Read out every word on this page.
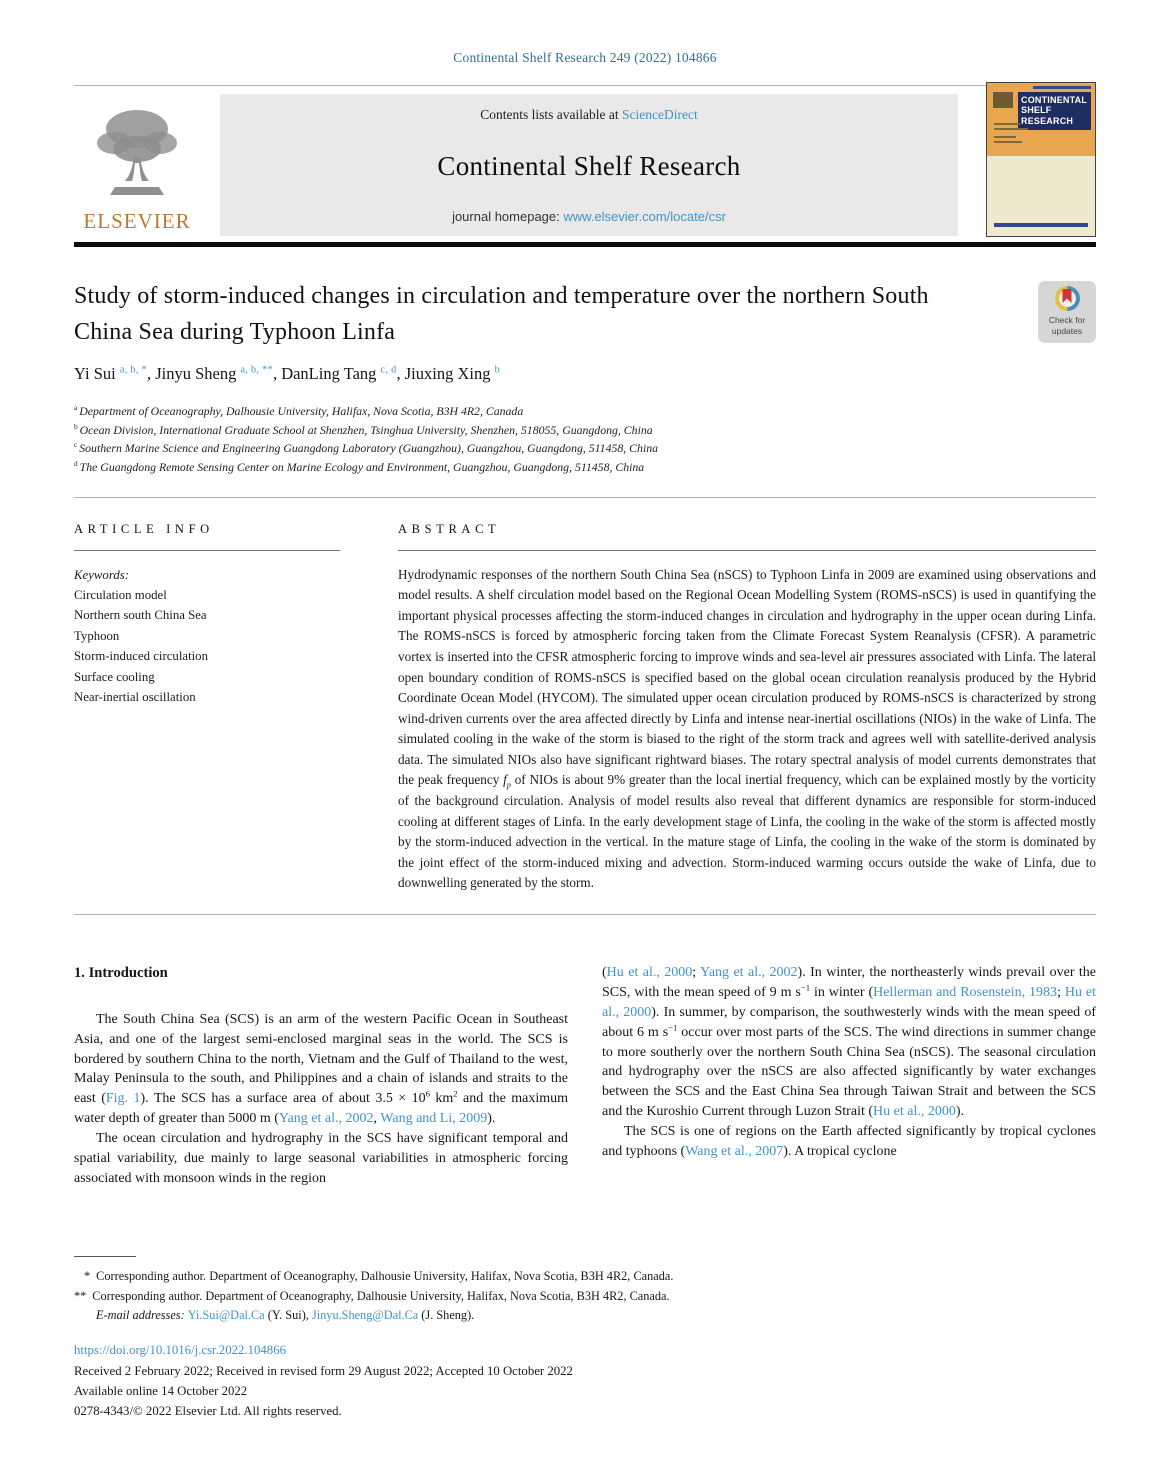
Continental Shelf Research 249 (2022) 104866
ELSEVIER
Contents lists available at ScienceDirect
Continental Shelf Research
journal homepage: www.elsevier.com/locate/csr
CONTINENTAL SHELF RESEARCH
Study of storm-induced changes in circulation and temperature over the northern South China Sea during Typhoon Linfa	Check for updates
Yi Sui $^{a, b, *}$, Jinyu Sheng $^{a, b, **}$, DanLing Tang $^{c, d}$, Jiuxing Xing $^b$
$^a$ Department of Oceanography, Dalhousie University, Halifax, Nova Scotia, B3H 4R2, Canada
$^b$ Ocean Division, International Graduate School at Shenzhen, Tsinghua University, Shenzhen, 518055, Guangdong, China
$^c$ Southern Marine Science and Engineering Guangdong Laboratory (Guangzhou), Guangzhou, Guangdong, 511458, China
$^d$ The Guangdong Remote Sensing Center on Marine Ecology and Environment, Guangzhou, Guangdong, 511458, China
ARTICLE INFO
Keywords:
Circulation model
Northern south China Sea
Typhoon
Storm-induced circulation
Surface cooling
Near-inertial oscillation
ABSTRACT
Hydrodynamic responses of the northern South China Sea (nSCS) to Typhoon Linfa in 2009 are examined using observations and model results. A shelf circulation model based on the Regional Ocean Modelling System (ROMS-nSCS) is used in quantifying the important physical processes affecting the storm-induced changes in circulation and hydrography in the upper ocean during Linfa. The ROMS-nSCS is forced by atmospheric forcing taken from the Climate Forecast System Reanalysis (CFSR). A parametric vortex is inserted into the CFSR atmospheric forcing to improve winds and sea-level air pressures associated with Linfa. The lateral open boundary condition of ROMS-nSCS is specified based on the global ocean circulation reanalysis produced by the Hybrid Coordinate Ocean Model (HYCOM). The simulated upper ocean circulation produced by ROMS-nSCS is characterized by strong wind-driven currents over the area affected directly by Linfa and intense near-inertial oscillations (NIOs) in the wake of Linfa. The simulated cooling in the wake of the storm is biased to the right of the storm track and agrees well with satellite-derived analysis data. The simulated NIOs also have significant rightward biases. The rotary spectral analysis of model currents demonstrates that the peak frequency $f_p$ of NIOs is about 9% greater than the local inertial frequency, which can be explained mostly by the vorticity of the background circulation. Analysis of model results also reveal that different dynamics are responsible for storm-induced cooling at different stages of Linfa. In the early development stage of Linfa, the cooling in the wake of the storm is affected mostly by the storm-induced advection in the vertical. In the mature stage of Linfa, the cooling in the wake of the storm is dominated by the joint effect of the storm-induced mixing and advection. Storm-induced warming occurs outside the wake of Linfa, due to downwelling generated by the storm.
1. Introduction

The South China Sea (SCS) is an arm of the western Pacific Ocean in Southeast Asia, and one of the largest semi-enclosed marginal seas in the world. The SCS is bordered by southern China to the north, Vietnam and the Gulf of Thailand to the west, Malay Peninsula to the south, and Philippines and a chain of islands and straits to the east (Fig. 1). The SCS has a surface area of about $3.5 \times 10^6$ $km^2$ and the maximum water depth of greater than 5000 m (Yang et al., 2002, Wang and Li, 2009).

The ocean circulation and hydrography in the SCS have significant temporal and spatial variability, due mainly to large seasonal variabilities in atmospheric forcing associated with monsoon winds in the region

(Hu et al., 2000; Yang et al., 2002). In winter, the northeasterly winds prevail over the SCS, with the mean speed of 9 m $s^{-1}$ in winter (Hellerman and Rosenstein, 1983; Hu et al., 2000). In summer, by comparison, the southwesterly winds with the mean speed of about 6 m $s^{-1}$ occur over most parts of the SCS. The wind directions in summer change to more southerly over the northern South China Sea (nSCS). The seasonal circulation and hydrography over the nSCS are also affected significantly by water exchanges between the SCS and the East China Sea through Taiwan Strait and between the SCS and the Kuroshio Current through Luzon Strait (Hu et al., 2000).

The SCS is one of regions on the Earth affected significantly by tropical cyclones and typhoons (Wang et al., 2007). A tropical cyclone

* Corresponding author. Department of Oceanography, Dalhousie University, Halifax, Nova Scotia, B3H 4R2, Canada.
** Corresponding author. Department of Oceanography, Dalhousie University, Halifax, Nova Scotia, B3H 4R2, Canada.
E-mail addresses: Yi.Sui@Dal.Ca (Y. Sui), Jinyu.Sheng@Dal.Ca (J. Sheng).
https://doi.org/10.1016/j.csr.2022.104866
Received 2 February 2022; Received in revised form 29 August 2022; Accepted 10 October 2022
Available online 14 October 2022
0278-4343/© 2022 Elsevier Ltd. All rights reserved.
